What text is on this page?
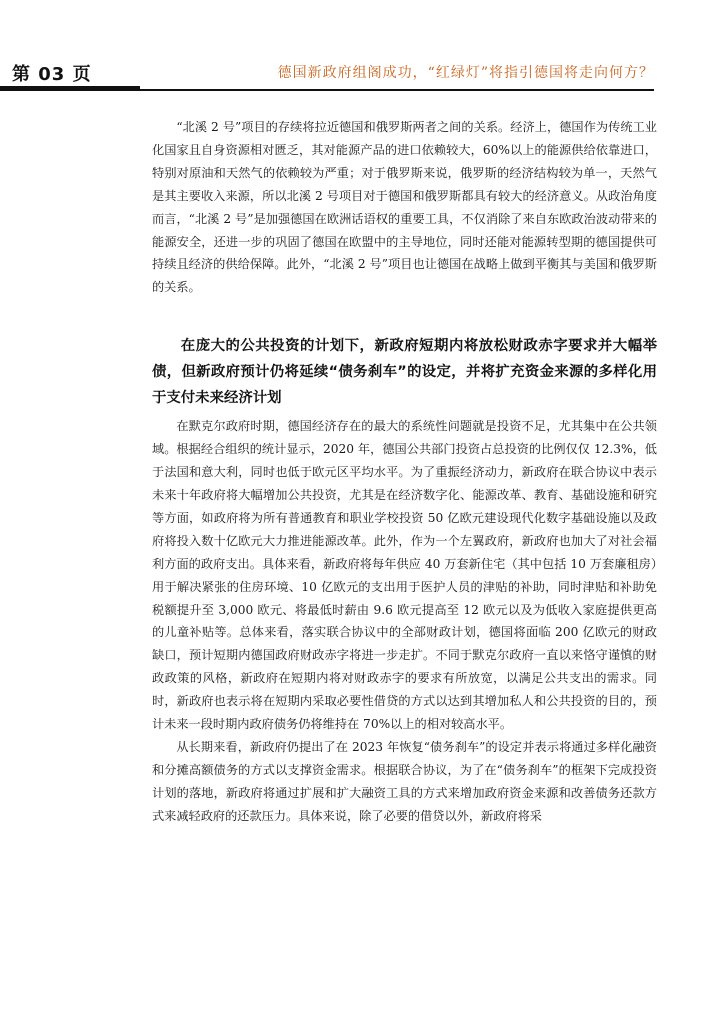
第 03 页	德国新政府组阁成功，“红绿灯”将指引德国将走向何方？

“北溪 2 号”项目的存续将拉近德国和俄罗斯两者之间的关系。经济上，德国作为传统工业化国家且自身资源相对匮乏，其对能源产品的进口依赖较大，60%以上的能源供给依靠进口，特别对原油和天然气的依赖较为严重；对于俄罗斯来说，俄罗斯的经济结构较为单一，天然气是其主要收入来源，所以北溪 2 号项目对于德国和俄罗斯都具有较大的经济意义。从政治角度而言，“北溪 2 号”是加强德国在欧洲话语权的重要工具，不仅消除了来自东欧政治波动带来的能源安全，还进一步的巩固了德国在欧盟中的主导地位，同时还能对能源转型期的德国提供可持续且经济的供给保障。此外，“北溪 2 号”项目也让德国在战略上做到平衡其与美国和俄罗斯的关系。

在庞大的公共投资的计划下，新政府短期内将放松财政赤字要求并大幅举债，但新政府预计仍将延续“债务刹车”的设定，并将扩充资金来源的多样化用于支付未来经济计划

在默克尔政府时期，德国经济存在的最大的系统性问题就是投资不足，尤其集中在公共领域。根据经合组织的统计显示，2020 年，德国公共部门投资占总投资的比例仅仅 12.3%，低于法国和意大利，同时也低于欧元区平均水平。为了重振经济动力，新政府在联合协议中表示未来十年政府将大幅增加公共投资，尤其是在经济数字化、能源改革、教育、基础设施和研究等方面，如政府将为所有普通教育和职业学校投资 50 亿欧元建设现代化数字基础设施以及政府将投入数十亿欧元大力推进能源改革。此外，作为一个左翼政府，新政府也加大了对社会福利方面的政府支出。具体来看，新政府将每年供应 40 万套新住宅（其中包括 10 万套廉租房）用于解决紧张的住房环境、10 亿欧元的支出用于医护人员的津贴的补助，同时津贴和补助免税额提升至 3,000 欧元、将最低时薪由 9.6 欧元提高至 12 欧元以及为低收入家庭提供更高的儿童补贴等。总体来看，落实联合协议中的全部财政计划，德国将面临 200 亿欧元的财政缺口，预计短期内德国政府财政赤字将进一步走扩。不同于默克尔政府一直以来恪守谨慎的财政政策的风格，新政府在短期内将对财政赤字的要求有所放宽，以满足公共支出的需求。同时，新政府也表示将在短期内采取必要性借贷的方式以达到其增加私人和公共投资的目的，预计未来一段时期内政府债务仍将维持在 70%以上的相对较高水平。

从长期来看，新政府仍提出了在 2023 年恢复“债务刹车”的设定并表示将通过多样化融资和分摊高额债务的方式以支撑资金需求。根据联合协议，为了在“债务刹车”的框架下完成投资计划的落地，新政府将通过扩展和扩大融资工具的方式来增加政府资金来源和改善债务还款方式来减轻政府的还款压力。具体来说，除了必要的借贷以外，新政府将采
